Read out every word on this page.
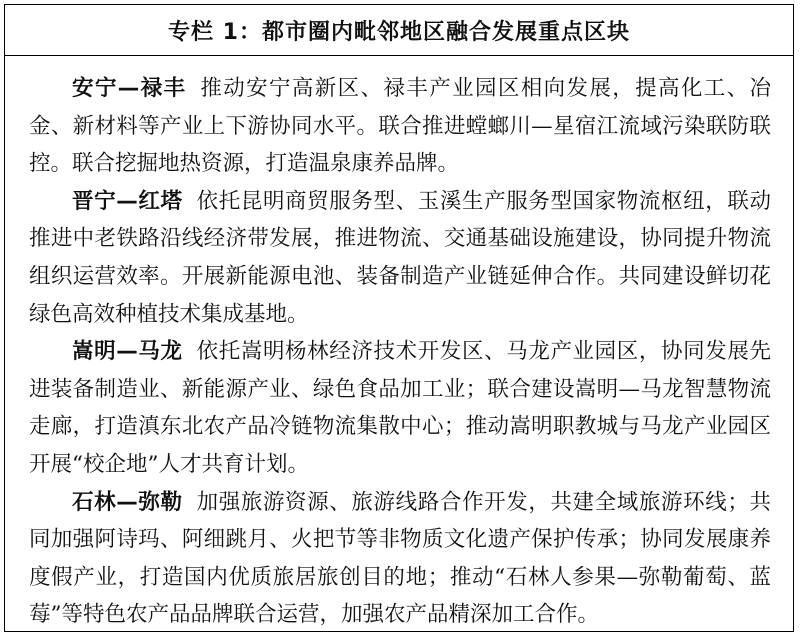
专栏 1：都市圈内毗邻地区融合发展重点区块

安宁—禄丰 推动安宁高新区、禄丰产业园区相向发展，提高化工、冶金、新材料等产业上下游协同水平。联合推进螳螂川—星宿江流域污染联防联控。联合挖掘地热资源，打造温泉康养品牌。

晋宁—红塔 依托昆明商贸服务型、玉溪生产服务型国家物流枢纽，联动推进中老铁路沿线经济带发展，推进物流、交通基础设施建设，协同提升物流组织运营效率。开展新能源电池、装备制造产业链延伸合作。共同建设鲜切花绿色高效种植技术集成基地。

嵩明—马龙 依托嵩明杨林经济技术开发区、马龙产业园区，协同发展先进装备制造业、新能源产业、绿色食品加工业；联合建设嵩明—马龙智慧物流走廊，打造滇东北农产品冷链物流集散中心；推动嵩明职教城与马龙产业园区开展“校企地”人才共育计划。

石林—弥勒 加强旅游资源、旅游线路合作开发，共建全域旅游环线；共同加强阿诗玛、阿细跳月、火把节等非物质文化遗产保护传承；协同发展康养度假产业，打造国内优质旅居旅创目的地；推动“石林人参果—弥勒葡萄、蓝莓”等特色农产品品牌联合运营，加强农产品精深加工合作。
